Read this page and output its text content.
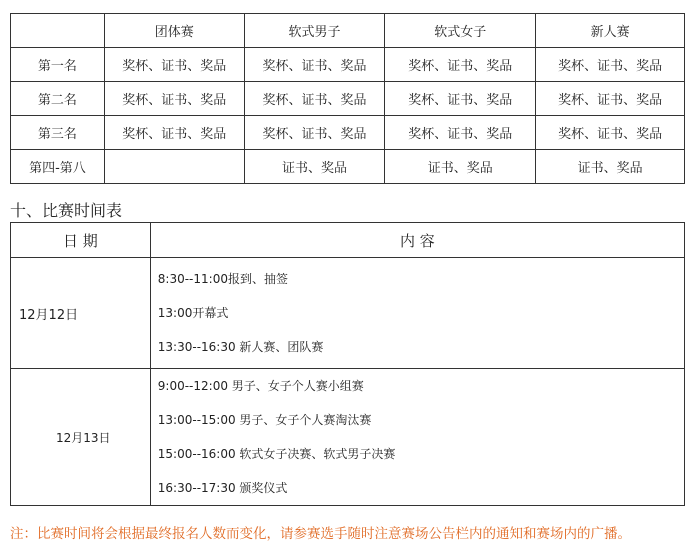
	团体赛	软式男子	软式女子	新人赛
第一名	奖杯、证书、奖品	奖杯、证书、奖品	奖杯、证书、奖品	奖杯、证书、奖品
第二名	奖杯、证书、奖品	奖杯、证书、奖品	奖杯、证书、奖品	奖杯、证书、奖品
第三名	奖杯、证书、奖品	奖杯、证书、奖品	奖杯、证书、奖品	奖杯、证书、奖品
第四-第八		证书、奖品	证书、奖品	证书、奖品
十、比赛时间表
日 期	内 容
12月12日	8:30--11:00报到、抽签
13:00开幕式
13:30--16:30 新人赛、团队赛

12月13日	9:00--12:00 男子、女子个人赛小组赛
13:00--15:00 男子、女子个人赛淘汰赛
15:00--16:00 软式女子决赛、软式男子决赛
16:30--17:30 颁奖仪式
注：比赛时间将会根据最终报名人数而变化，请参赛选手随时注意赛场公告栏内的通知和赛场内的广播。
